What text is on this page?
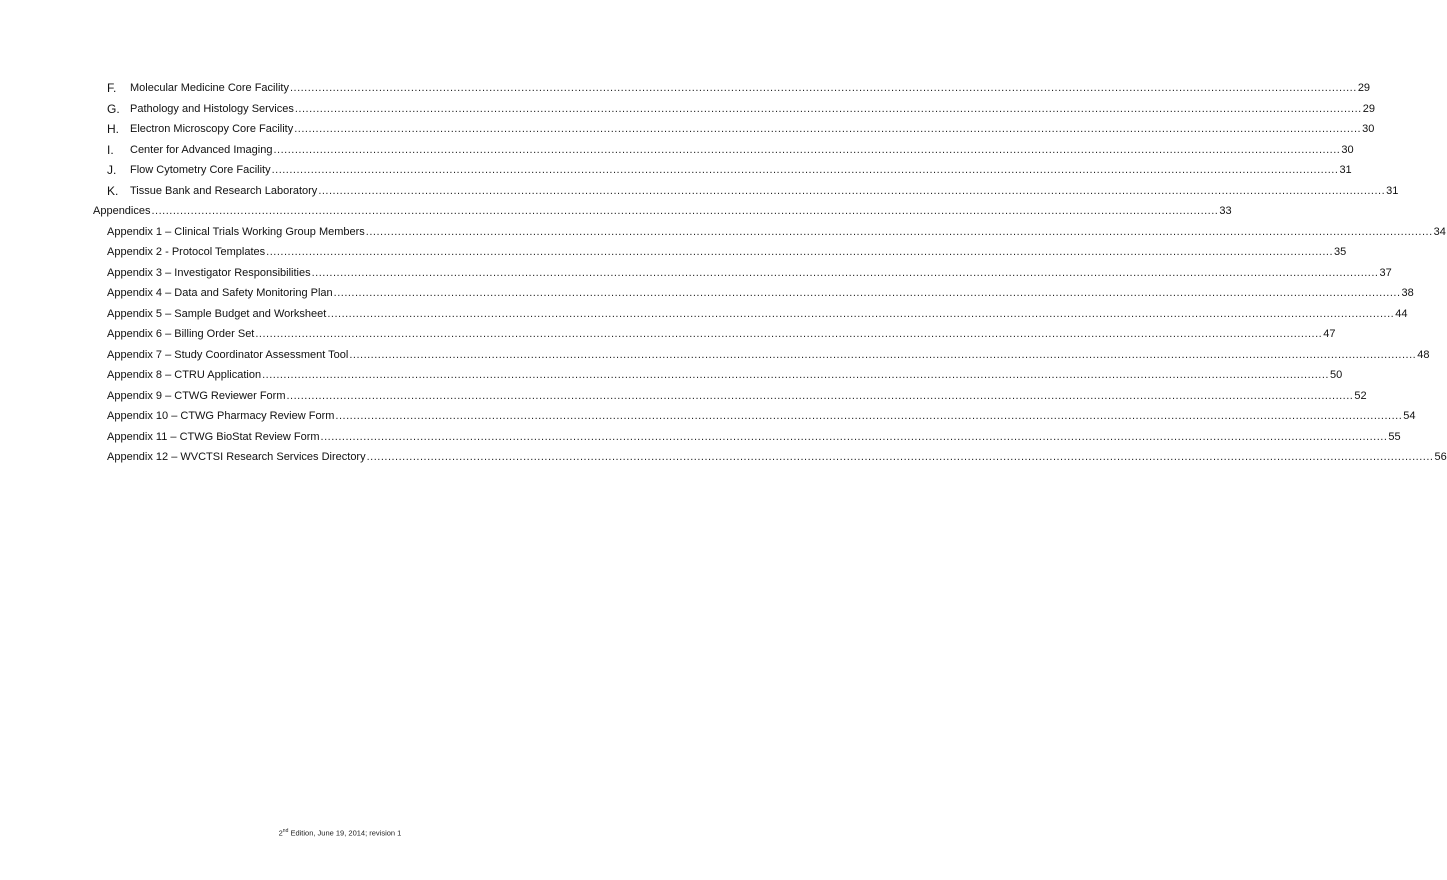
F. Molecular Medicine Core Facility ............................................................................................................................................................................................................................................................................................................ 29
G. Pathology and Histology Services ............................................................................................................................................................................................................................................................................................................ 29
H. Electron Microscopy Core Facility ............................................................................................................................................................................................................................................................................................................ 30
I. Center for Advanced Imaging ............................................................................................................................................................................................................................................................................................................ 30
J. Flow Cytometry Core Facility ............................................................................................................................................................................................................................................................................................................ 31
K. Tissue Bank and Research Laboratory ............................................................................................................................................................................................................................................................................................................ 31
Appendices ............................................................................................................................................................................................................................................................................................................ 33
Appendix 1 – Clinical Trials Working Group Members ............................................................................................................................................................................................................................................................................................................ 34
Appendix 2 - Protocol Templates ............................................................................................................................................................................................................................................................................................................ 35
Appendix 3 – Investigator Responsibilities ............................................................................................................................................................................................................................................................................................................ 37
Appendix 4 – Data and Safety Monitoring Plan ............................................................................................................................................................................................................................................................................................................ 38
Appendix 5 – Sample Budget and Worksheet ............................................................................................................................................................................................................................................................................................................ 44
Appendix 6 – Billing Order Set ............................................................................................................................................................................................................................................................................................................ 47
Appendix 7 – Study Coordinator Assessment Tool ............................................................................................................................................................................................................................................................................................................ 48
Appendix 8 – CTRU Application ............................................................................................................................................................................................................................................................................................................ 50
Appendix 9 – CTWG Reviewer Form ............................................................................................................................................................................................................................................................................................................ 52
Appendix 10 – CTWG Pharmacy Review Form ............................................................................................................................................................................................................................................................................................................ 54
Appendix 11 – CTWG BioStat Review Form ............................................................................................................................................................................................................................................................................................................ 55
Appendix 12 – WVCTSI Research Services Directory ............................................................................................................................................................................................................................................................................................................ 56
2nd Edition, June 19, 2014; revision 1
